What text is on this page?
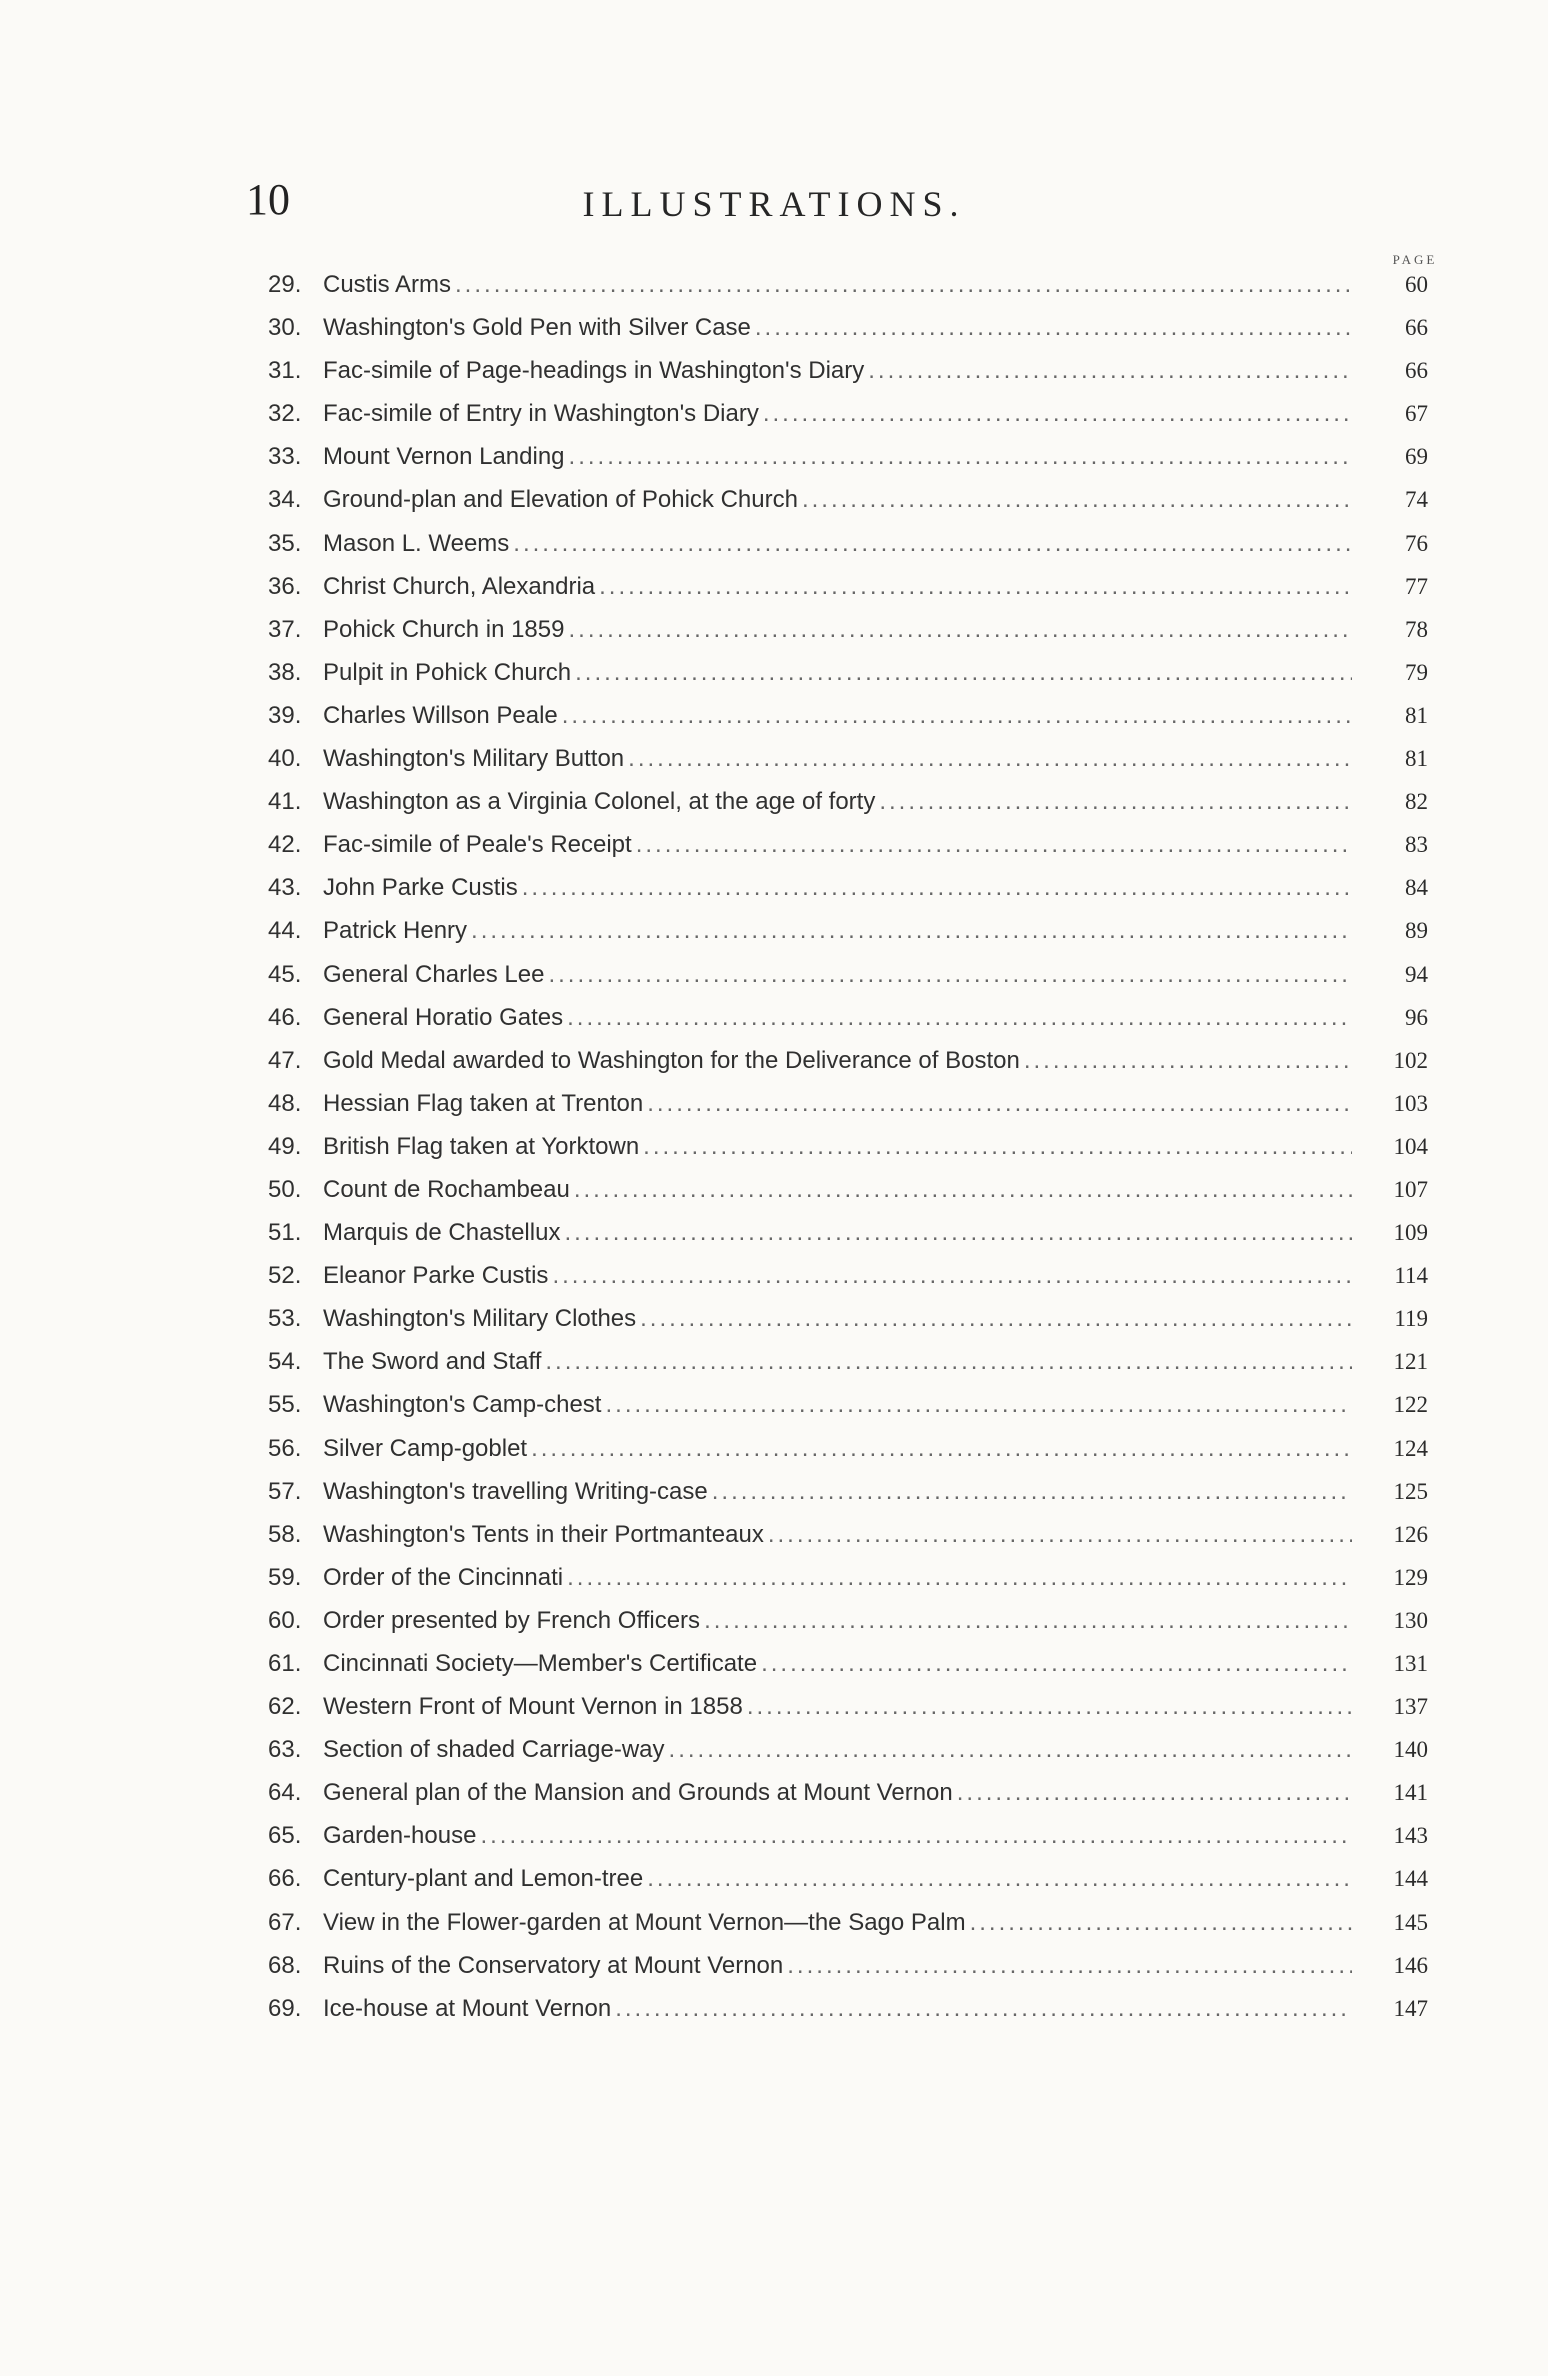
10	ILLUSTRATIONS.
PAGE
29. Custis Arms .....	60
30. Washington's Gold Pen with Silver Case .....	66
31. Fac-simile of Page-headings in Washington's Diary .....	66
32. Fac-simile of Entry in Washington's Diary .....	67
33. Mount Vernon Landing .....	69
34. Ground-plan and Elevation of Pohick Church .....	74
35. Mason L. Weems .....	76
36. Christ Church, Alexandria .....	77
37. Pohick Church in 1859 .....	78
38. Pulpit in Pohick Church .....	79
39. Charles Willson Peale .....	81
40. Washington's Military Button .....	81
41. Washington as a Virginia Colonel, at the age of forty .....	82
42. Fac-simile of Peale's Receipt .....	83
43. John Parke Custis .....	84
44. Patrick Henry .....	89
45. General Charles Lee .....	94
46. General Horatio Gates .....	96
47. Gold Medal awarded to Washington for the Deliverance of Boston .....	102
48. Hessian Flag taken at Trenton .....	103
49. British Flag taken at Yorktown .....	104
50. Count de Rochambeau .....	107
51. Marquis de Chastellux .....	109
52. Eleanor Parke Custis .....	114
53. Washington's Military Clothes .....	119
54. The Sword and Staff .....	121
55. Washington's Camp-chest .....	122
56. Silver Camp-goblet .....	124
57. Washington's travelling Writing-case .....	125
58. Washington's Tents in their Portmanteaux .....	126
59. Order of the Cincinnati .....	129
60. Order presented by French Officers .....	130
61. Cincinnati Society—Member's Certificate .....	131
62. Western Front of Mount Vernon in 1858 .....	137
63. Section of shaded Carriage-way .....	140
64. General plan of the Mansion and Grounds at Mount Vernon .....	141
65. Garden-house .....	143
66. Century-plant and Lemon-tree .....	144
67. View in the Flower-garden at Mount Vernon—the Sago Palm .....	145
68. Ruins of the Conservatory at Mount Vernon .....	146
69. Ice-house at Mount Vernon .....	147
